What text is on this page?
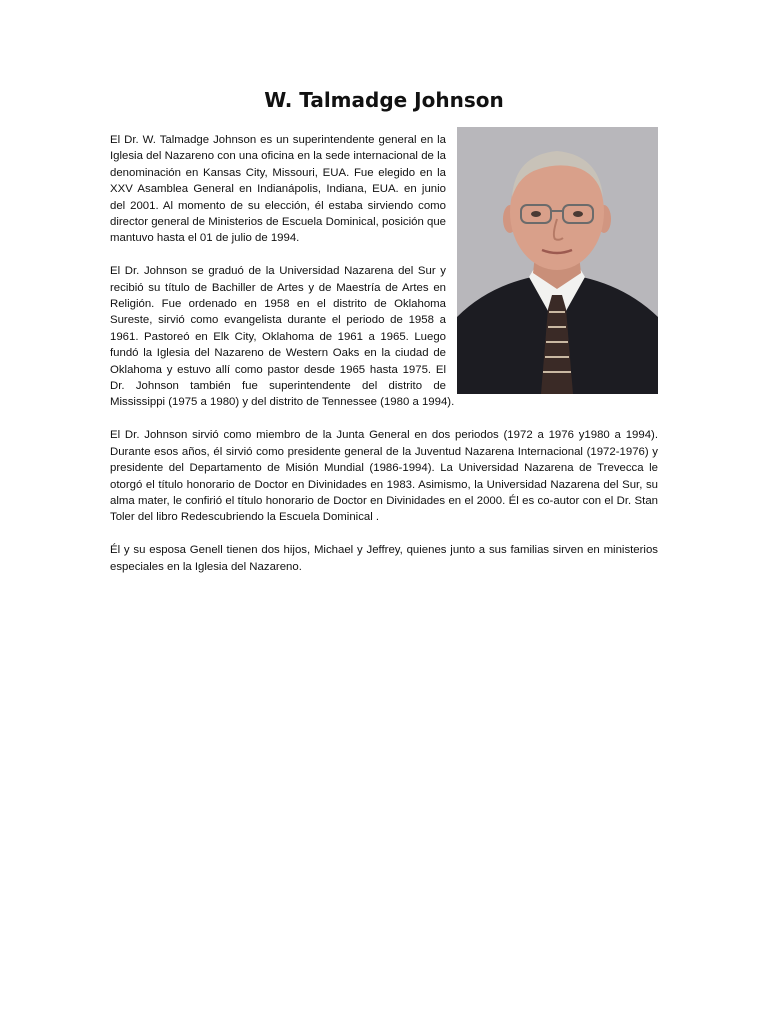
W. Talmadge Johnson

El Dr. W. Talmadge Johnson es un superintendente general en la Iglesia del Nazareno con una oficina en la sede internacional de la denominación en Kansas City, Missouri, EUA. Fue elegido en la XXV Asamblea General en Indianápolis, Indiana, EUA. en junio del 2001. Al momento de su elección, él estaba sirviendo como director general de Ministerios de Escuela Dominical, posición que mantuvo hasta el 01 de julio de 1994.

El Dr. Johnson se graduó de la Universidad Nazarena del Sur y recibió su título de Bachiller de Artes y de Maestría de Artes en Religión. Fue ordenado en 1958 en el distrito de Oklahoma Sureste, sirvió como evangelista durante el periodo de 1958 a 1961. Pastoreó en Elk City, Oklahoma de 1961 a 1965. Luego fundó la Iglesia del Nazareno de Western Oaks en la ciudad de Oklahoma y estuvo allí como pastor desde 1965 hasta 1975. El Dr. Johnson también fue superintendente del distrito de Mississippi (1975 a 1980) y del distrito de Tennessee (1980 a 1994).

El Dr. Johnson sirvió como miembro de la Junta General en dos periodos (1972 a 1976 y1980 a 1994). Durante esos años, él sirvió como presidente general de la Juventud Nazarena Internacional (1972-1976) y presidente del Departamento de Misión Mundial (1986-1994). La Universidad Nazarena de Trevecca le otorgó el título honorario de Doctor en Divinidades en 1983. Asimismo, la Universidad Nazarena del Sur, su alma mater, le confirió el título honorario de Doctor en Divinidades en el 2000. Él es co-autor con el Dr. Stan Toler del libro Redescubriendo la Escuela Dominical .

Él y su esposa Genell tienen dos hijos, Michael y Jeffrey, quienes junto a sus familias sirven en ministerios especiales en la Iglesia del Nazareno.
